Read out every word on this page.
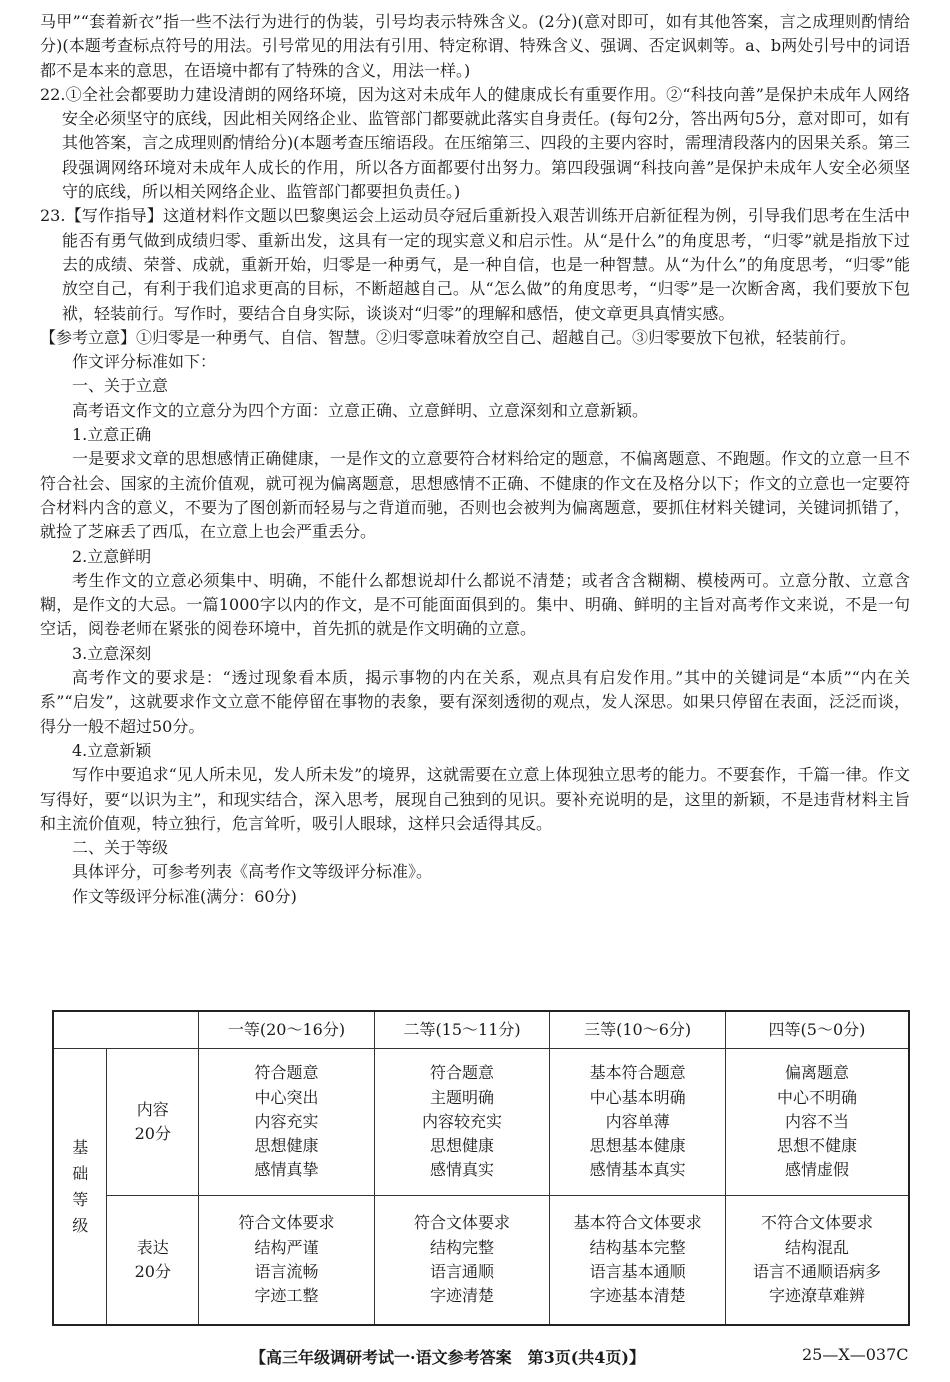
马甲”“套着新衣”指一些不法行为进行的伪装，引号均表示特殊含义。(2分)(意对即可，如有其他答案，言之成理则酌情给分)(本题考查标点符号的用法。引号常见的用法有引用、特定称谓、特殊含义、强调、否定讽刺等。a、b两处引号中的词语都不是本来的意思，在语境中都有了特殊的含义，用法一样。)

22.①全社会都要助力建设清朗的网络环境，因为这对未成年人的健康成长有重要作用。②“科技向善”是保护未成年人网络安全必须坚守的底线，因此相关网络企业、监管部门都要就此落实自身责任。(每句2分，答出两句5分，意对即可，如有其他答案，言之成理则酌情给分)(本题考查压缩语段。在压缩第三、四段的主要内容时，需理清段落内的因果关系。第三段强调网络环境对未成年人成长的作用，所以各方面都要付出努力。第四段强调“科技向善”是保护未成年人安全必须坚守的底线，所以相关网络企业、监管部门都要担负责任。)

23.【写作指导】这道材料作文题以巴黎奥运会上运动员夺冠后重新投入艰苦训练开启新征程为例，引导我们思考在生活中能否有勇气做到成绩归零、重新出发，这具有一定的现实意义和启示性。从“是什么”的角度思考，“归零”就是指放下过去的成绩、荣誉、成就，重新开始，归零是一种勇气，是一种自信，也是一种智慧。从“为什么”的角度思考，“归零”能放空自己，有利于我们追求更高的目标，不断超越自己。从“怎么做”的角度思考，“归零”是一次断舍离，我们要放下包袱，轻装前行。写作时，要结合自身实际，谈谈对“归零”的理解和感悟，使文章更具真情实感。

【参考立意】①归零是一种勇气、自信、智慧。②归零意味着放空自己、超越自己。③归零要放下包袱，轻装前行。

作文评分标准如下：

一、关于立意

高考语文作文的立意分为四个方面：立意正确、立意鲜明、立意深刻和立意新颖。

1.立意正确

一是要求文章的思想感情正确健康，一是作文的立意要符合材料给定的题意，不偏离题意、不跑题。作文的立意一旦不符合社会、国家的主流价值观，就可视为偏离题意，思想感情不正确、不健康的作文在及格分以下；作文的立意也一定要符合材料内含的意义，不要为了图创新而轻易与之背道而驰，否则也会被判为偏离题意，要抓住材料关键词，关键词抓错了，就捡了芝麻丢了西瓜，在立意上也会严重丢分。

2.立意鲜明

考生作文的立意必须集中、明确，不能什么都想说却什么都说不清楚；或者含含糊糊、模棱两可。立意分散、立意含糊，是作文的大忌。一篇1000字以内的作文，是不可能面面俱到的。集中、明确、鲜明的主旨对高考作文来说，不是一句空话，阅卷老师在紧张的阅卷环境中，首先抓的就是作文明确的立意。

3.立意深刻

高考作文的要求是：“透过现象看本质，揭示事物的内在关系，观点具有启发作用。”其中的关键词是“本质”“内在关系”“启发”，这就要求作文立意不能停留在事物的表象，要有深刻透彻的观点，发人深思。如果只停留在表面，泛泛而谈，得分一般不超过50分。

4.立意新颖

写作中要追求“见人所未见，发人所未发”的境界，这就需要在立意上体现独立思考的能力。不要套作，千篇一律。作文写得好，要“以识为主”，和现实结合，深入思考，展现自己独到的见识。要补充说明的是，这里的新颖，不是违背材料主旨和主流价值观，特立独行，危言耸听，吸引人眼球，这样只会适得其反。

二、关于等级

具体评分，可参考列表《高考作文等级评分标准》。

作文等级评分标准(满分：60分)

		一等(20～16分)	二等(15～11分)	三等(10～6分)	四等(5～0分)

基
础
等
级	内容
20分	符合题意
中心突出
内容充实
思想健康
感情真挚	符合题意
主题明确
内容较充实
思想健康
感情真实	基本符合题意
中心基本明确
内容单薄
思想基本健康
感情基本真实	偏离题意
中心不明确
内容不当
思想不健康
感情虚假

	表达
20分	符合文体要求
结构严谨
语言流畅
字迹工整	符合文体要求
结构完整
语言通顺
字迹清楚	基本符合文体要求
结构基本完整
语言基本通顺
字迹基本清楚	不符合文体要求
结构混乱
语言不通顺语病多
字迹潦草难辨
【高三年级调研考试一·语文参考答案　第3页(共4页)】	25—X—037C
